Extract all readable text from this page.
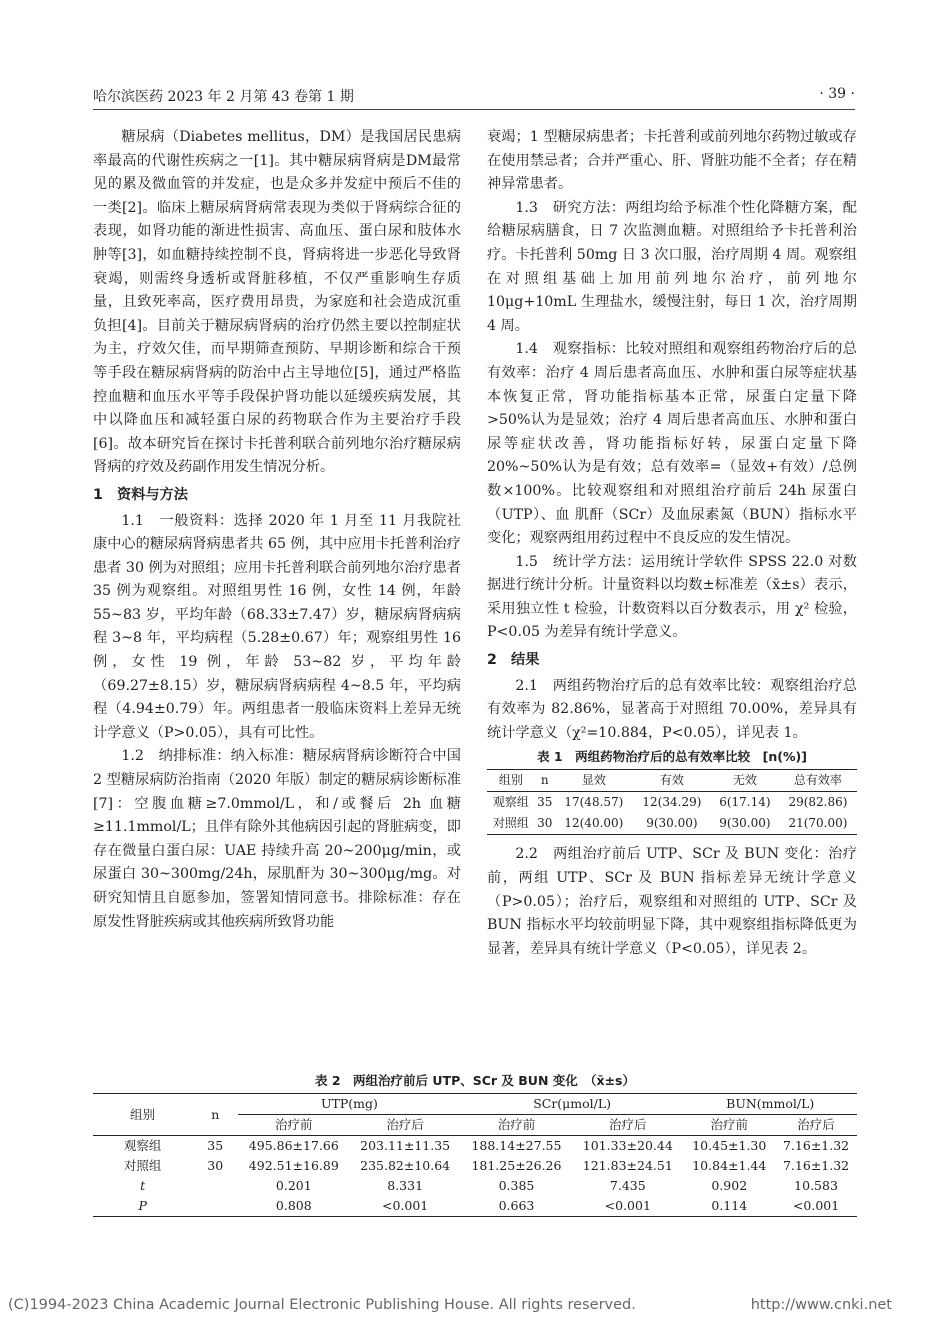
哈尔滨医药 2023 年 2 月第 43 卷第 1 期	· 39 ·

糖尿病（Diabetes mellitus，DM）是我国居民患病率最高的代谢性疾病之一[1]。其中糖尿病肾病是DM最常见的累及微血管的并发症，也是众多并发症中预后不佳的一类[2]。临床上糖尿病肾病常表现为类似于肾病综合征的表现，如肾功能的渐进性损害、高血压、蛋白尿和肢体水肿等[3]，如血糖持续控制不良，肾病将进一步恶化导致肾衰竭，则需终身透析或肾脏移植，不仅严重影响生存质量，且致死率高，医疗费用昂贵，为家庭和社会造成沉重负担[4]。目前关于糖尿病肾病的治疗仍然主要以控制症状为主，疗效欠佳，而早期筛查预防、早期诊断和综合干预等手段在糖尿病肾病的防治中占主导地位[5]，通过严格监控血糖和血压水平等手段保护肾功能以延缓疾病发展，其中以降血压和减轻蛋白尿的药物联合作为主要治疗手段[6]。故本研究旨在探讨卡托普利联合前列地尔治疗糖尿病肾病的疗效及药副作用发生情况分析。

1　资料与方法

1.1　一般资料：选择 2020 年 1 月至 11 月我院社康中心的糖尿病肾病患者共 65 例，其中应用卡托普利治疗患者 30 例为对照组；应用卡托普利联合前列地尔治疗患者 35 例为观察组。对照组男性 16 例，女性 14 例，年龄 55~83 岁，平均年龄（68.33±7.47）岁，糖尿病肾病病程 3~8 年，平均病程（5.28±0.67）年；观察组男性 16 例，女性 19 例，年龄 53~82 岁，平均年龄（69.27±8.15）岁，糖尿病肾病病程 4~8.5 年，平均病程（4.94±0.79）年。两组患者一般临床资料上差异无统计学意义（P>0.05），具有可比性。

1.2　纳排标准：纳入标准：糖尿病肾病诊断符合中国 2 型糖尿病防治指南（2020 年版）制定的糖尿病诊断标准[7]：空腹血糖≥7.0mmol/L，和/或餐后 2h 血糖≥11.1mmol/L；且伴有除外其他病因引起的肾脏病变，即存在微量白蛋白尿：UAE 持续升高 20~200μg/min，或尿蛋白 30~300mg/24h，尿肌酐为 30~300μg/mg。对研究知情且自愿参加，签署知情同意书。排除标准：存在原发性肾脏疾病或其他疾病所致肾功能

衰竭；1 型糖尿病患者；卡托普利或前列地尔药物过敏或存在使用禁忌者；合并严重心、肝、肾脏功能不全者；存在精神异常患者。

1.3　研究方法：两组均给予标准个性化降糖方案，配给糖尿病膳食，日 7 次监测血糖。对照组给予卡托普利治疗。卡托普利 50mg 日 3 次口服，治疗周期 4 周。观察组在对照组基础上加用前列地尔治疗，前列地尔 10μg+10mL 生理盐水，缓慢注射，每日 1 次，治疗周期 4 周。

1.4　观察指标：比较对照组和观察组药物治疗后的总有效率：治疗 4 周后患者高血压、水肿和蛋白尿等症状基本恢复正常，肾功能指标基本正常，尿蛋白定量下降 >50%认为是显效；治疗 4 周后患者高血压、水肿和蛋白尿等症状改善，肾功能指标好转，尿蛋白定量下降 20%~50%认为是有效；总有效率=（显效+有效）/总例数×100%。比较观察组和对照组治疗前后 24h 尿蛋白（UTP）、血 肌酐（SCr）及血尿素氮（BUN）指标水平变化；观察两组用药过程中不良反应的发生情况。

1.5　统计学方法：运用统计学软件 SPSS 22.0 对数据进行统计分析。计量资料以均数±标准差（x̄±s）表示，采用独立性 t 检验，计数资料以百分数表示，用 χ² 检验，P<0.05 为差异有统计学意义。

2　结果

2.1　两组药物治疗后的总有效率比较：观察组治疗总有效率为 82.86%，显著高于对照组 70.00%，差异具有统计学意义（χ²=10.884，P<0.05），详见表 1。

表 1　两组药物治疗后的总有效率比较　[n(%)]
组别	n	显效	有效	无效	总有效率
观察组	35	17(48.57)	12(34.29)	6(17.14)	29(82.86)
对照组	30	12(40.00)	9(30.00)	9(30.00)	21(70.00)

2.2　两组治疗前后 UTP、SCr 及 BUN 变化：治疗前，两组 UTP、SCr 及 BUN 指标差异无统计学意义（P>0.05）；治疗后，观察组和对照组的 UTP、SCr 及 BUN 指标水平均较前明显下降，其中观察组指标降低更为显著，差异具有统计学意义（P<0.05），详见表 2。

表 2　两组治疗前后 UTP、SCr 及 BUN 变化　（x̄±s）
组别	n	UTP(mg)		SCr(μmol/L)		BUN(mmol/L)	
		治疗前	治疗后	治疗前	治疗后	治疗前	治疗后
观察组	35	495.86±17.66	203.11±11.35	188.14±27.55	101.33±20.44	10.45±1.30	7.16±1.32
对照组	30	492.51±16.89	235.82±10.64	181.25±26.26	121.83±24.51	10.84±1.44	7.16±1.32
t		0.201	8.331	0.385	7.435	0.902	10.583
P		0.808	<0.001	0.663	<0.001	0.114	<0.001
(C)1994-2023 China Academic Journal Electronic Publishing House. All rights reserved.	http://www.cnki.net
